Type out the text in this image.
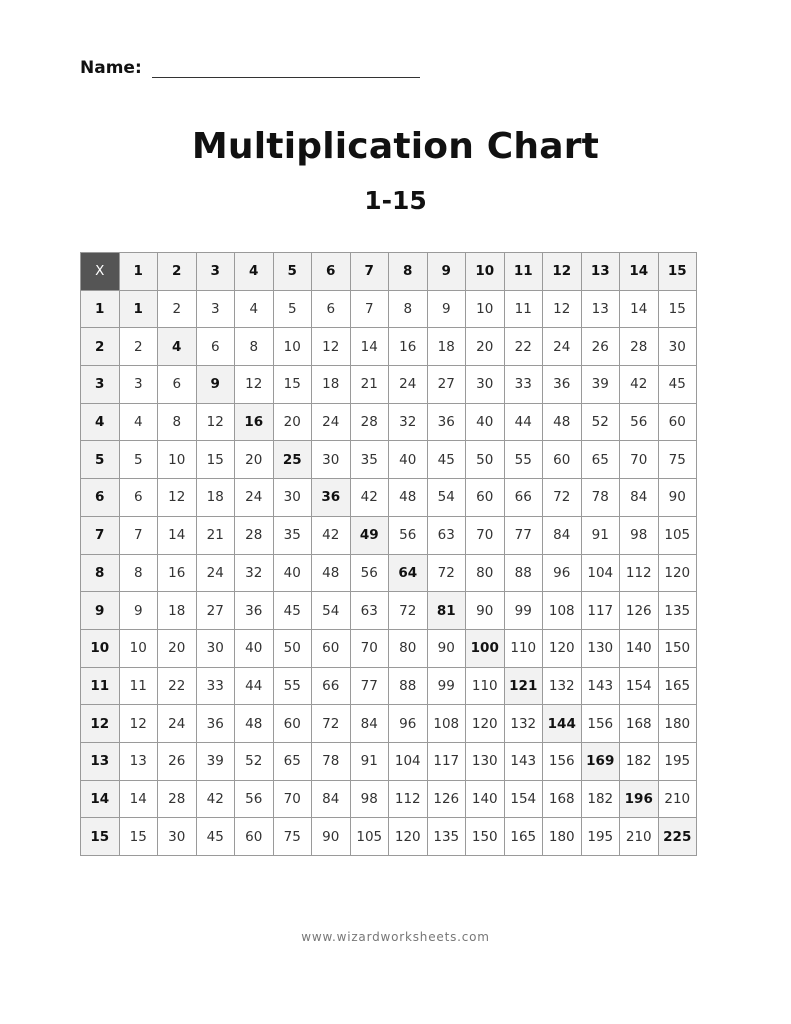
Name:
Multiplication Chart
1-15
X	1	2	3	4	5	6	7	8	9	10	11	12	13	14	15
1	1	2	3	4	5	6	7	8	9	10	11	12	13	14	15
2	2	4	6	8	10	12	14	16	18	20	22	24	26	28	30
3	3	6	9	12	15	18	21	24	27	30	33	36	39	42	45
4	4	8	12	16	20	24	28	32	36	40	44	48	52	56	60
5	5	10	15	20	25	30	35	40	45	50	55	60	65	70	75
6	6	12	18	24	30	36	42	48	54	60	66	72	78	84	90
7	7	14	21	28	35	42	49	56	63	70	77	84	91	98	105
8	8	16	24	32	40	48	56	64	72	80	88	96	104	112	120
9	9	18	27	36	45	54	63	72	81	90	99	108	117	126	135
10	10	20	30	40	50	60	70	80	90	100	110	120	130	140	150
11	11	22	33	44	55	66	77	88	99	110	121	132	143	154	165
12	12	24	36	48	60	72	84	96	108	120	132	144	156	168	180
13	13	26	39	52	65	78	91	104	117	130	143	156	169	182	195
14	14	28	42	56	70	84	98	112	126	140	154	168	182	196	210
15	15	30	45	60	75	90	105	120	135	150	165	180	195	210	225
www.wizardworksheets.com
